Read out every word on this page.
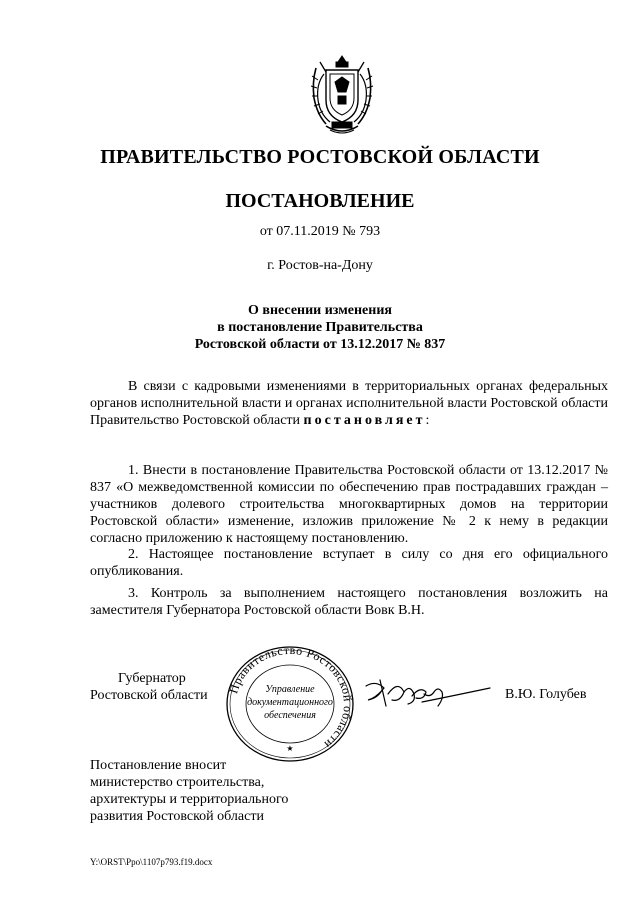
ПРАВИТЕЛЬСТВО РОСТОВСКОЙ ОБЛАСТИ
ПОСТАНОВЛЕНИЕ
от 07.11.2019 № 793
г. Ростов-на-Дону
О внесении изменения
в постановление Правительства
Ростовской области от 13.12.2017 № 837
В связи с кадровыми изменениями в территориальных органах федеральных органов исполнительной власти и органах исполнительной власти Ростовской области Правительство Ростовской области постановляет:
1. Внести в постановление Правительства Ростовской области от 13.12.2017 № 837 «О межведомственной комиссии по обеспечению прав пострадавших граждан – участников долевого строительства многоквартирных домов на территории Ростовской области» изменение, изложив приложение № 2 к нему в редакции согласно приложению к настоящему постановлению.
2. Настоящее постановление вступает в силу со дня его официального опубликования.
3. Контроль за выполнением настоящего постановления возложить на заместителя Губернатора Ростовской области Вовк В.Н.
Губернатор
Ростовской области	Правительство Ростовской области
Управление
документационного
обеспечения
★
В.Ю. Голубев
Постановление вносит
министерство строительства,
архитектуры и территориального
развития Ростовской области
Y:\ORST\Ppo\1107p793.f19.docx
